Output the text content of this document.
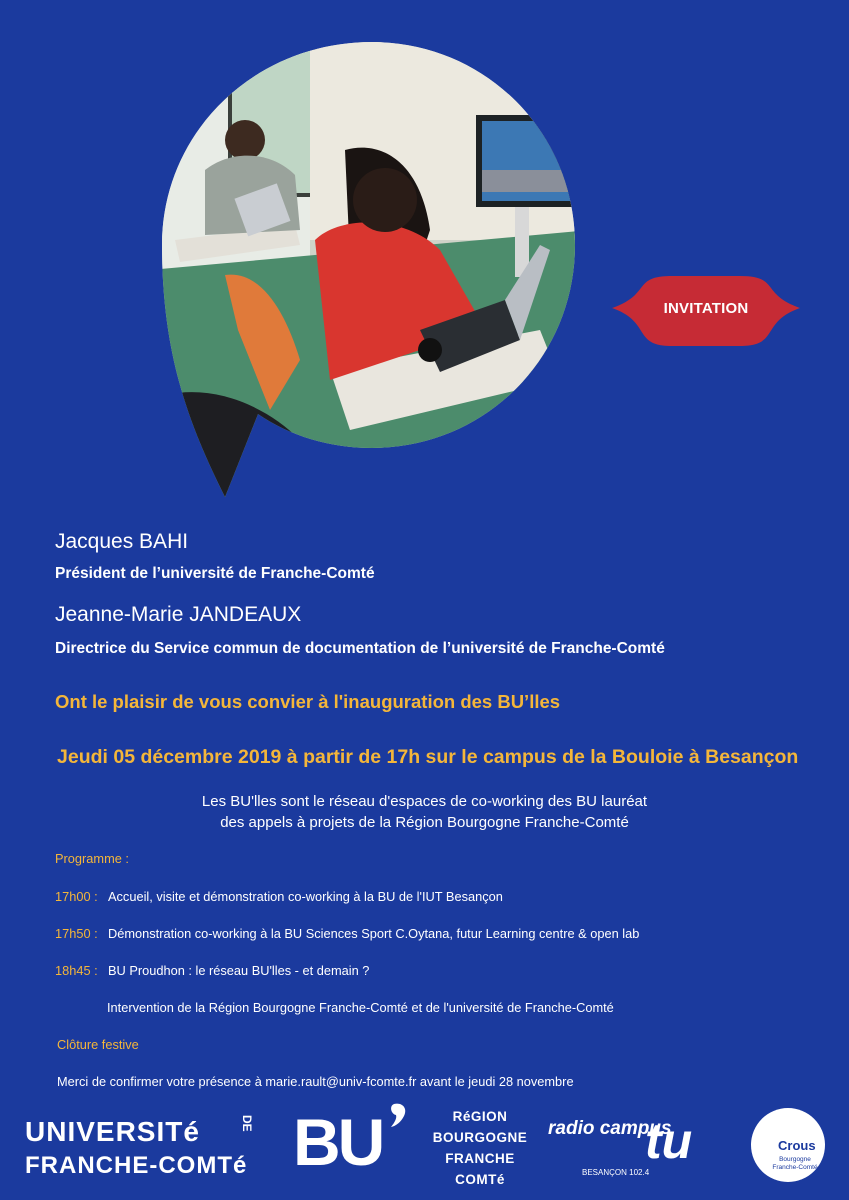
INVITATION
Jacques BAHI
Président de l’université de Franche-Comté
Jeanne-Marie JANDEAUX
Directrice du Service commun de documentation de l’université de Franche-Comté
Ont le plaisir de vous convier à l'inauguration des BU’lles
Jeudi 05 décembre 2019 à partir de 17h sur le campus de la Bouloie à Besançon
Les BU'lles sont le réseau d'espaces de co-working des BU lauréat
des appels à projets de la Région Bourgogne Franche-Comté
Programme :
17h00 : Accueil, visite et démonstration co-working à la BU de l'IUT Besançon
17h50 : Démonstration co-working à la BU Sciences Sport C.Oytana, futur Learning centre & open lab
18h45 : BU Proudhon : le réseau BU'lles - et demain ?
Intervention de la Région Bourgogne Franche-Comté et de l'université de Franche-Comté
Clôture festive
Merci de confirmer votre présence à marie.rault@univ-fcomte.fr avant le jeudi 28 novembre
UNIVERSITé	DE
FRANCHE-COMTé BU	RéGION
BOURGOGNE
FRANCHE
COMTé
radio campus
BESANÇON 102.4
tu	Crous
Bourgogne Franche-Comté
